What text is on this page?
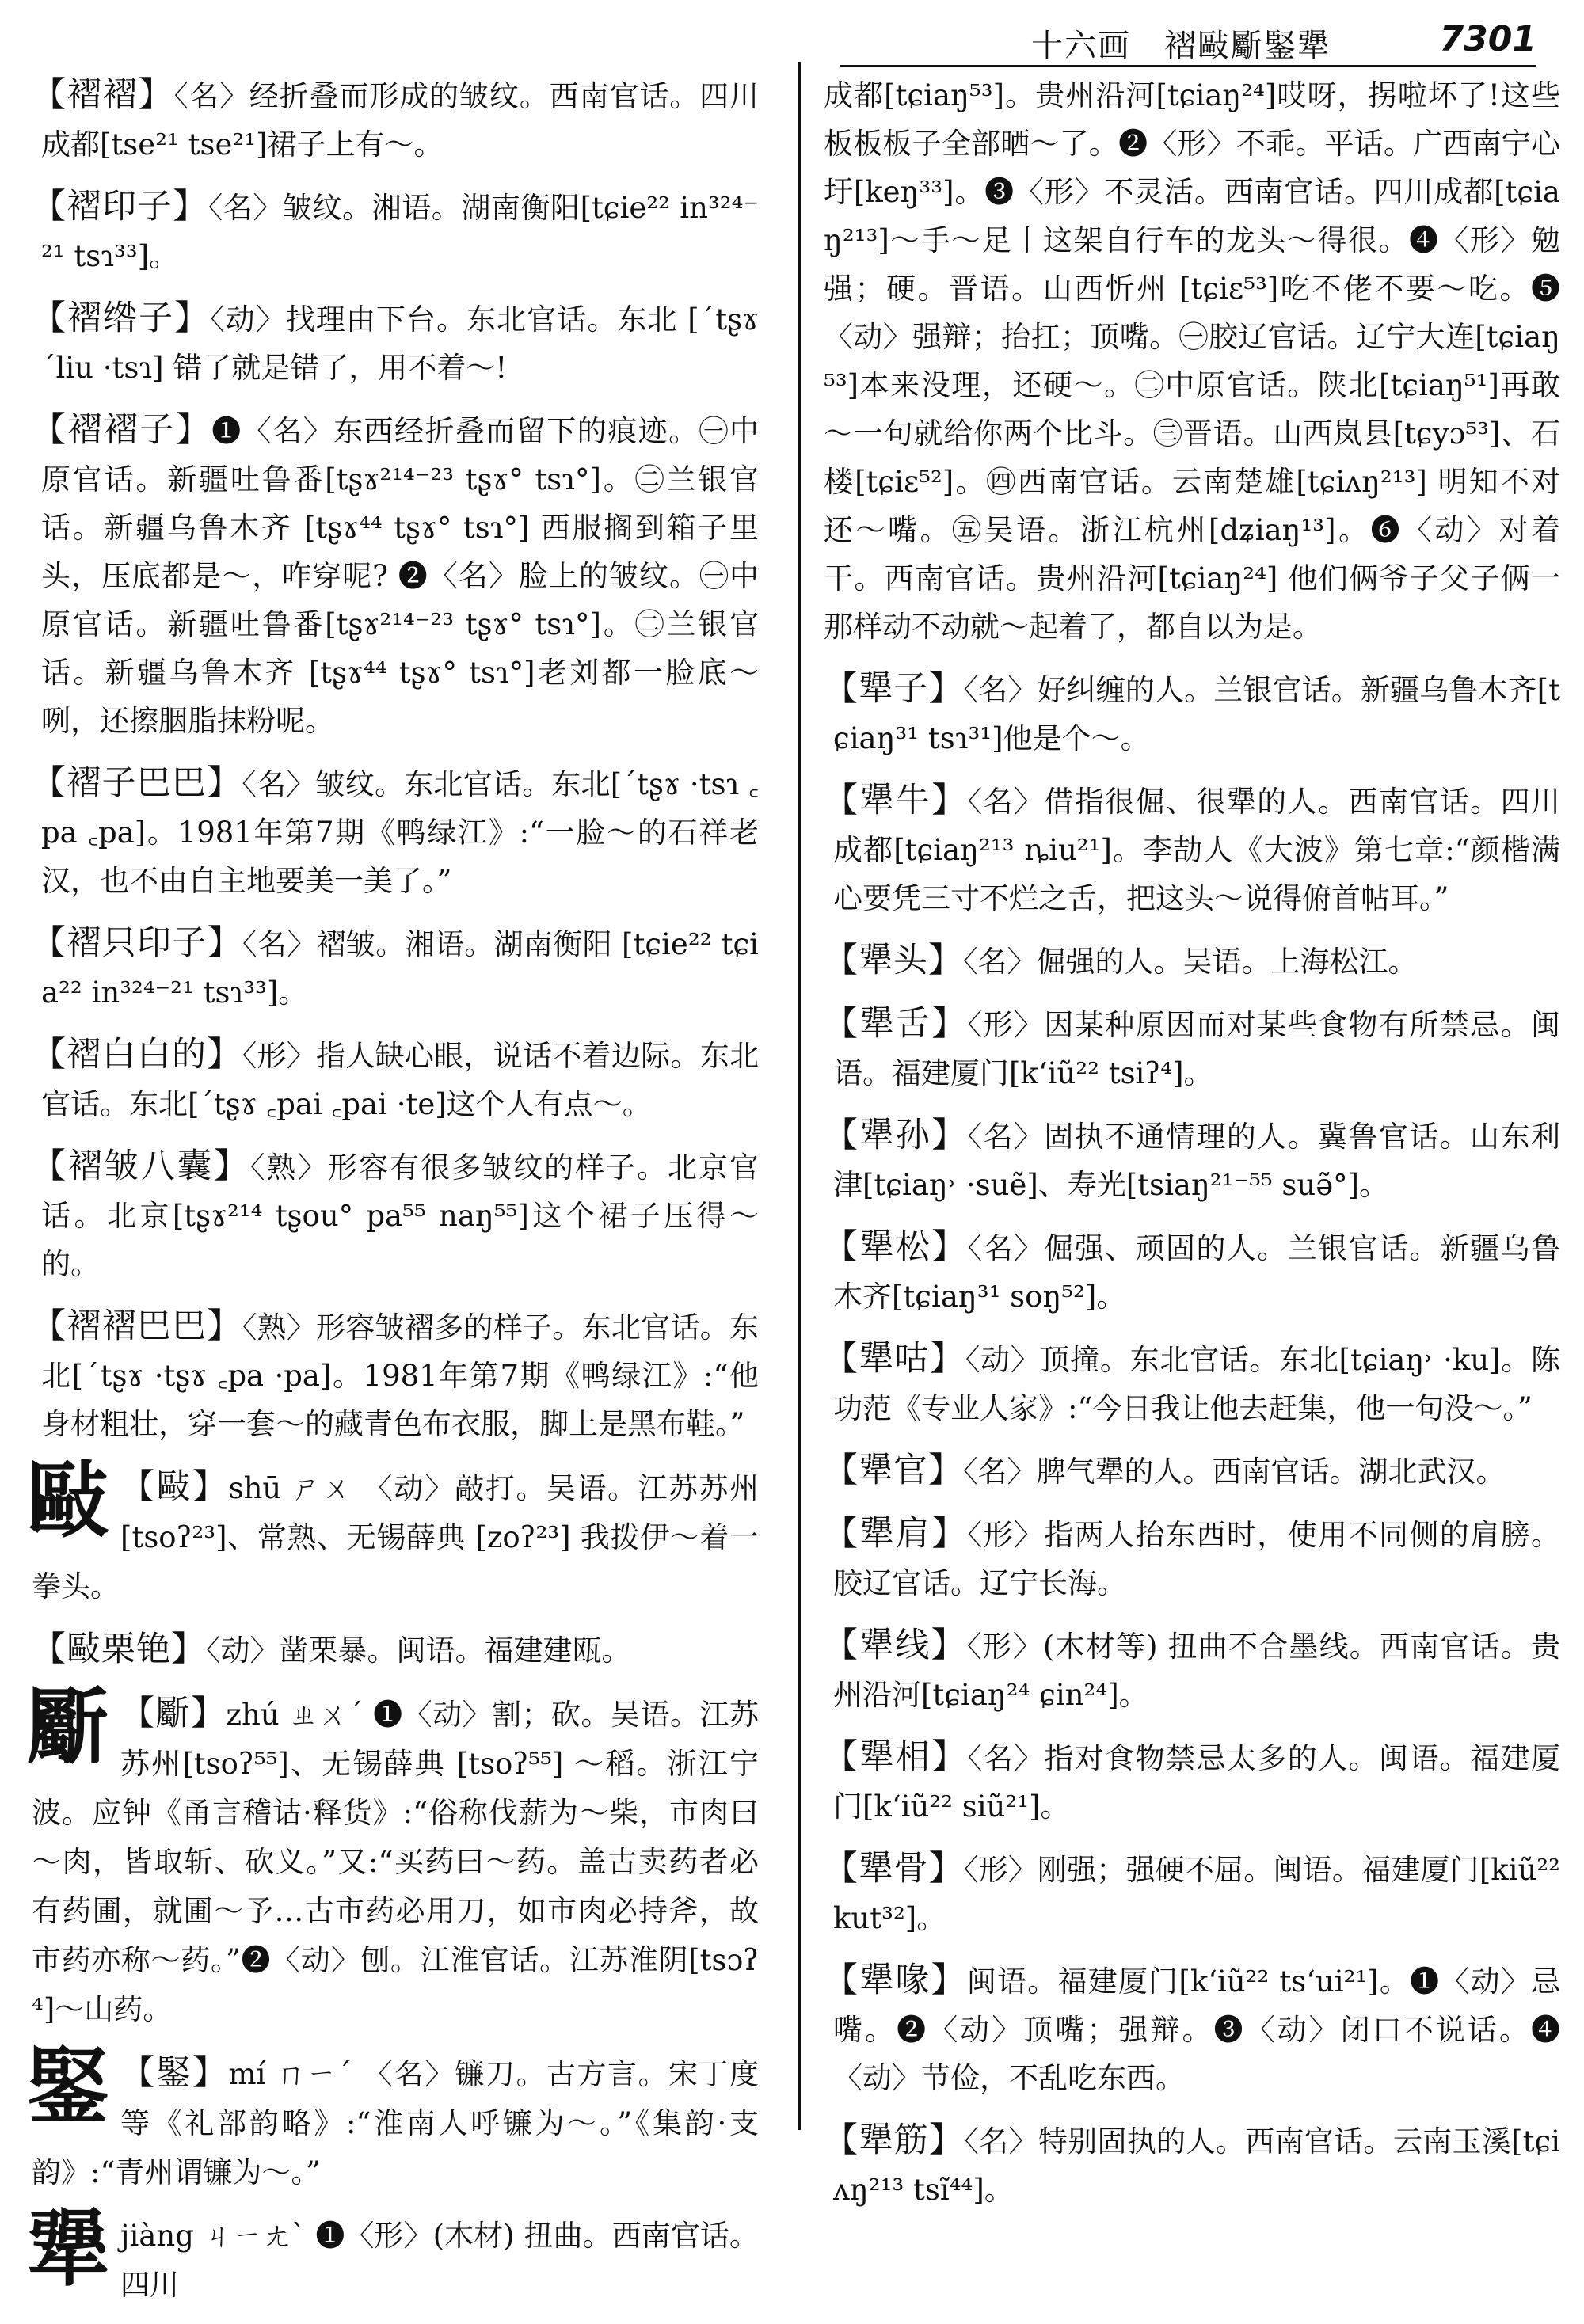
十六画　褶敺斸鋻犟	7301
【褶褶】〈名〉经折叠而形成的皱纹。西南官话。四川成都[tse²¹ tse²¹]裙子上有～。
【褶印子】〈名〉皱纹。湘语。湖南衡阳[tɕie²² in³²⁴⁻²¹ tsɿ³³]。
【褶绺子】〈动〉找理由下台。东北官话。东北 [ˊtʂɤ ˊliu ·tsɿ] 错了就是错了，用不着～!
【褶褶子】❶〈名〉东西经折叠而留下的痕迹。㊀中原官话。新疆吐鲁番[tʂɤ²¹⁴⁻²³ tʂɤ° tsɿ°]。㊁兰银官话。新疆乌鲁木齐 [tʂɤ⁴⁴ tʂɤ° tsɿ°] 西服搁到箱子里头，压底都是～，咋穿呢? ❷〈名〉脸上的皱纹。㊀中原官话。新疆吐鲁番[tʂɤ²¹⁴⁻²³ tʂɤ° tsɿ°]。㊁兰银官话。新疆乌鲁木齐 [tʂɤ⁴⁴ tʂɤ° tsɿ°]老刘都一脸底～咧，还擦胭脂抹粉呢。
【褶子巴巴】〈名〉皱纹。东北官话。东北[ˊtʂɤ ·tsɿ ꜀pa ꜀pa]。1981年第7期《鸭绿江》:“一脸～的石祥老汉，也不由自主地要美一美了。”
【褶只印子】〈名〉褶皱。湘语。湖南衡阳 [tɕie²² tɕia²² in³²⁴⁻²¹ tsɿ³³]。
【褶白白的】〈形〉指人缺心眼，说话不着边际。东北官话。东北[ˊtʂɤ ꜀pai ꜀pai ·te]这个人有点～。
【褶皱八囊】〈熟〉形容有很多皱纹的样子。北京官话。北京[tʂɤ²¹⁴ tʂou° pa⁵⁵ naŋ⁵⁵]这个裙子压得～的。
【褶褶巴巴】〈熟〉形容皱褶多的样子。东北官话。东北[ˊtʂɤ ·tʂɤ ꜀pa ·pa]。1981年第7期《鸭绿江》:“他身材粗壮，穿一套～的藏青色布衣服，脚上是黑布鞋。”
敺 【敺】shū ㄕㄨ 〈动〉敲打。吴语。江苏苏州[tsoʔ²³]、常熟、无锡薛典 [zoʔ²³] 我拨伊～着一拳头。
【敺栗铯】〈动〉凿栗暴。闽语。福建建瓯。
斸 【斸】zhú ㄓㄨˊ ❶〈动〉割；砍。吴语。江苏苏州[tsoʔ⁵⁵]、无锡薛典 [tsoʔ⁵⁵] ～稻。浙江宁波。应钟《甬言稽诂·释货》:“俗称伐薪为～柴，市肉曰～肉，皆取斩、砍义。”又:“买药曰～药。盖古卖药者必有药圃，就圃～予…古市药必用刀，如市肉必持斧，故市药亦称～药。”❷〈动〉刨。江淮官话。江苏淮阴[tsɔʔ⁴]～山药。
鋻 【鋻】mí ㄇㄧˊ 〈名〉镰刀。古方言。宋丁度等《礼部韵略》:“淮南人呼镰为～。”《集韵·支韵》:“青州谓镰为～。”
犟jiàng ㄐㄧㄤˋ ❶〈形〉(木材) 扭曲。西南官话。四川
成都[tɕiaŋ⁵³]。贵州沿河[tɕiaŋ²⁴]哎呀，拐啦坏了!这些板板板子全部晒～了。❷〈形〉不乖。平话。广西南宁心圩[keŋ³³]。❸〈形〉不灵活。西南官话。四川成都[tɕiaŋ²¹³]～手～足丨这架自行车的龙头～得很。❹〈形〉勉强；硬。晋语。山西忻州 [tɕiɛ⁵³]吃不佬不要～吃。❺〈动〉强辩；抬扛；顶嘴。㊀胶辽官话。辽宁大连[tɕiaŋ⁵³]本来没理，还硬～。㊁中原官话。陕北[tɕiaŋ⁵¹]再敢～一句就给你两个比斗。㊂晋语。山西岚县[tɕyɔ⁵³]、石楼[tɕiɛ⁵²]。㊃西南官话。云南楚雄[tɕiʌŋ²¹³] 明知不对还～嘴。㊄吴语。浙江杭州[dʑiaŋ¹³]。❻〈动〉对着干。西南官话。贵州沿河[tɕiaŋ²⁴] 他们俩爷子父子俩一那样动不动就～起着了，都自以为是。
【犟子】〈名〉好纠缠的人。兰银官话。新疆乌鲁木齐[tɕiaŋ³¹ tsɿ³¹]他是个～。
【犟牛】〈名〉借指很倔、很犟的人。西南官话。四川成都[tɕiaŋ²¹³ ȵiu²¹]。李劼人《大波》第七章:“颜楷满心要凭三寸不烂之舌，把这头～说得俯首帖耳。”
【犟头】〈名〉倔强的人。吴语。上海松江。
【犟舌】〈形〉因某种原因而对某些食物有所禁忌。闽语。福建厦门[kʻiũ²² tsiʔ⁴]。
【犟孙】〈名〉固执不通情理的人。冀鲁官话。山东利津[tɕiaŋ˒ ·suẽ]、寿光[tsiaŋ²¹⁻⁵⁵ suə̃°]。
【犟松】〈名〉倔强、顽固的人。兰银官话。新疆乌鲁木齐[tɕiaŋ³¹ soŋ⁵²]。
【犟咕】〈动〉顶撞。东北官话。东北[tɕiaŋ˒ ·ku]。陈功范《专业人家》:“今日我让他去赶集，他一句没～。”
【犟官】〈名〉脾气犟的人。西南官话。湖北武汉。
【犟肩】〈形〉指两人抬东西时，使用不同侧的肩膀。胶辽官话。辽宁长海。
【犟线】〈形〉(木材等) 扭曲不合墨线。西南官话。贵州沿河[tɕiaŋ²⁴ ɕin²⁴]。
【犟相】〈名〉指对食物禁忌太多的人。闽语。福建厦门[kʻiũ²² siũ²¹]。
【犟骨】〈形〉刚强；强硬不屈。闽语。福建厦门[kiũ²² kut³²]。
【犟喙】闽语。福建厦门[kʻiũ²² tsʻui²¹]。❶〈动〉忌嘴。❷〈动〉顶嘴；强辩。❸〈动〉闭口不说话。❹〈动〉节俭，不乱吃东西。
【犟筋】〈名〉特别固执的人。西南官话。云南玉溪[tɕiʌŋ²¹³ tsĩ⁴⁴]。
